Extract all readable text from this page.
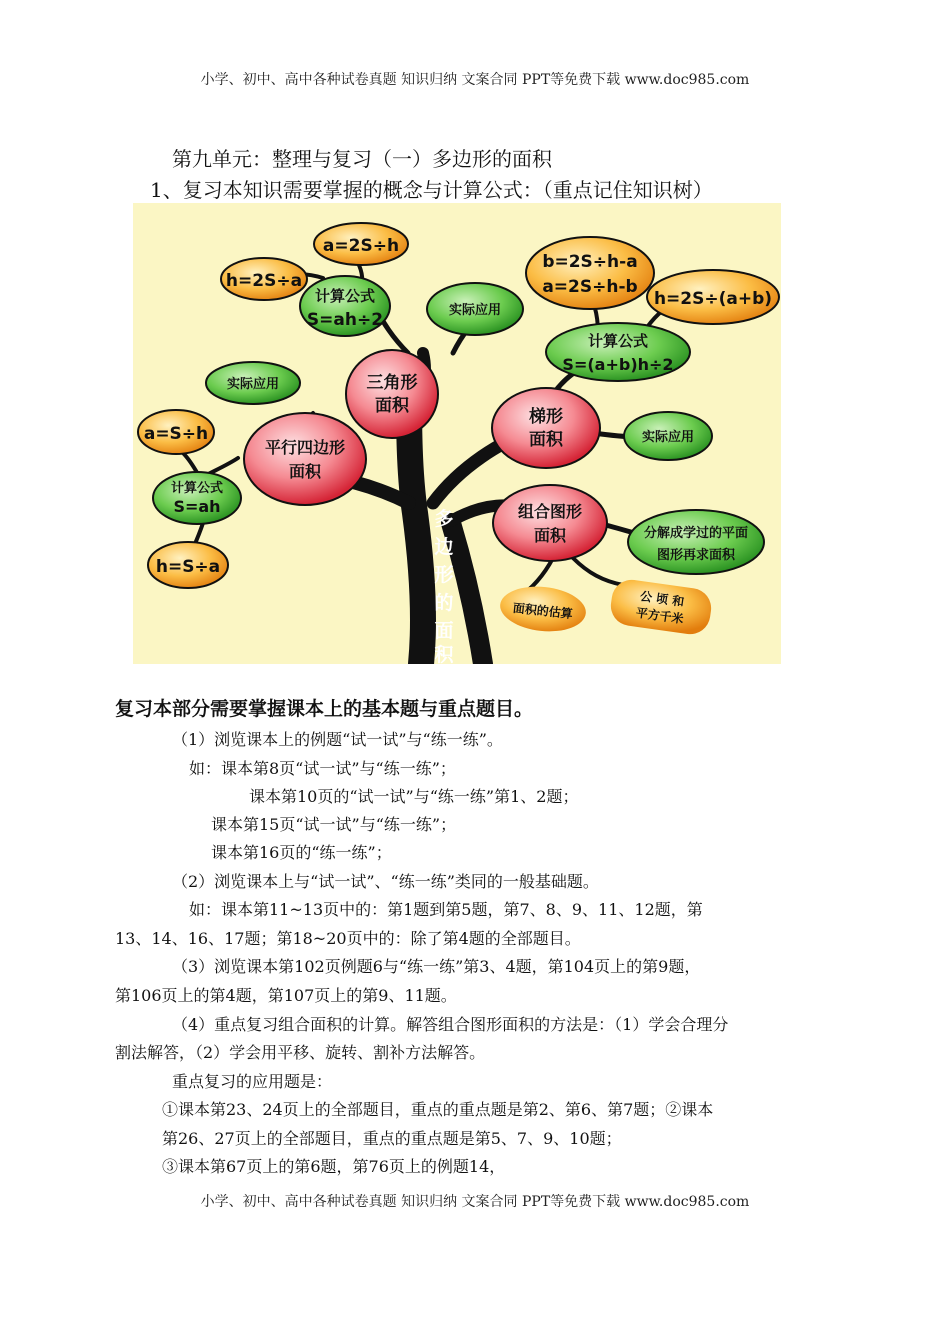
小学、初中、高中各种试卷真题 知识归纳 文案合同 PPT等免费下载 www.doc985.com
第九单元：整理与复习（一）多边形的面积
1、复习本知识需要掌握的概念与计算公式：（重点记住知识树）
多
边
形
的
面
积
三角形
面积
计算公式
S=ah÷2
a=2S÷h
h=2S÷a
实际应用
平行四边形
面积
实际应用
a=S÷h
计算公式
S=ah
h=S÷a
梯形
面积
计算公式
S=(a+b)h÷2
b=2S÷h-a
a=2S÷h-b
h=2S÷(a+b)
实际应用
组合图形
面积	分解成学过的平面
图形再求面积
面积的估算
公 顷 和
平方千米
复习本部分需要掌握课本上的基本题与重点题目。
（1）浏览课本上的例题“试一试”与“练一练”。
如：课本第8页“试一试”与“练一练”；
课本第10页的“试一试”与“练一练”第1、2题；
课本第15页“试一试”与“练一练”；
课本第16页的“练一练”；
（2）浏览课本上与“试一试”、“练一练”类同的一般基础题。
如：课本第11~13页中的：第1题到第5题，第7、8、9、11、12题，第
13、14、16、17题；第18~20页中的：除了第4题的全部题目。
（3）浏览课本第102页例题6与“练一练”第3、4题，第104页上的第9题，
第106页上的第4题，第107页上的第9、11题。
（4）重点复习组合面积的计算。解答组合图形面积的方法是：（1）学会合理分
割法解答，（2）学会用平移、旋转、割补方法解答。
重点复习的应用题是：
①课本第23、24页上的全部题目，重点的重点题是第2、第6、第7题；②课本
第26、27页上的全部题目，重点的重点题是第5、7、9、10题；
③课本第67页上的第6题，第76页上的例题14，
小学、初中、高中各种试卷真题 知识归纳 文案合同 PPT等免费下载 www.doc985.com
